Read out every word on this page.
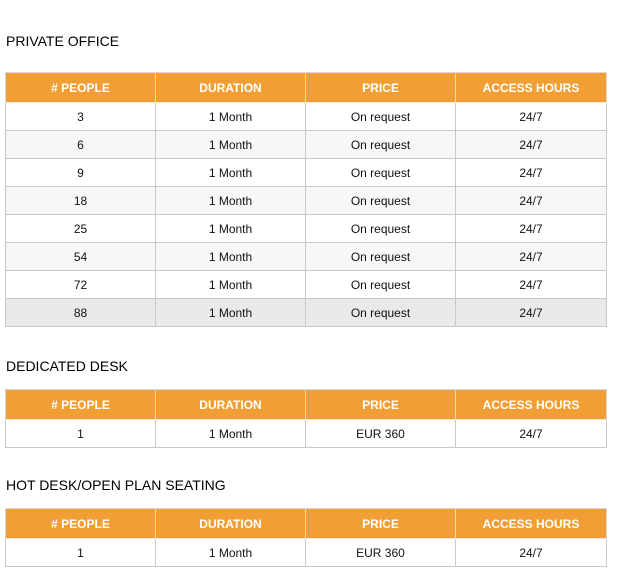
PRIVATE OFFICE
# PEOPLE	DURATION	PRICE	ACCESS HOURS
3	1 Month	On request	24/7
6	1 Month	On request	24/7
9	1 Month	On request	24/7
18	1 Month	On request	24/7
25	1 Month	On request	24/7
54	1 Month	On request	24/7
72	1 Month	On request	24/7
88	1 Month	On request	24/7
DEDICATED DESK
# PEOPLE	DURATION	PRICE	ACCESS HOURS
1	1 Month	EUR 360	24/7
HOT DESK/OPEN PLAN SEATING
# PEOPLE	DURATION	PRICE	ACCESS HOURS
1	1 Month	EUR 360	24/7
